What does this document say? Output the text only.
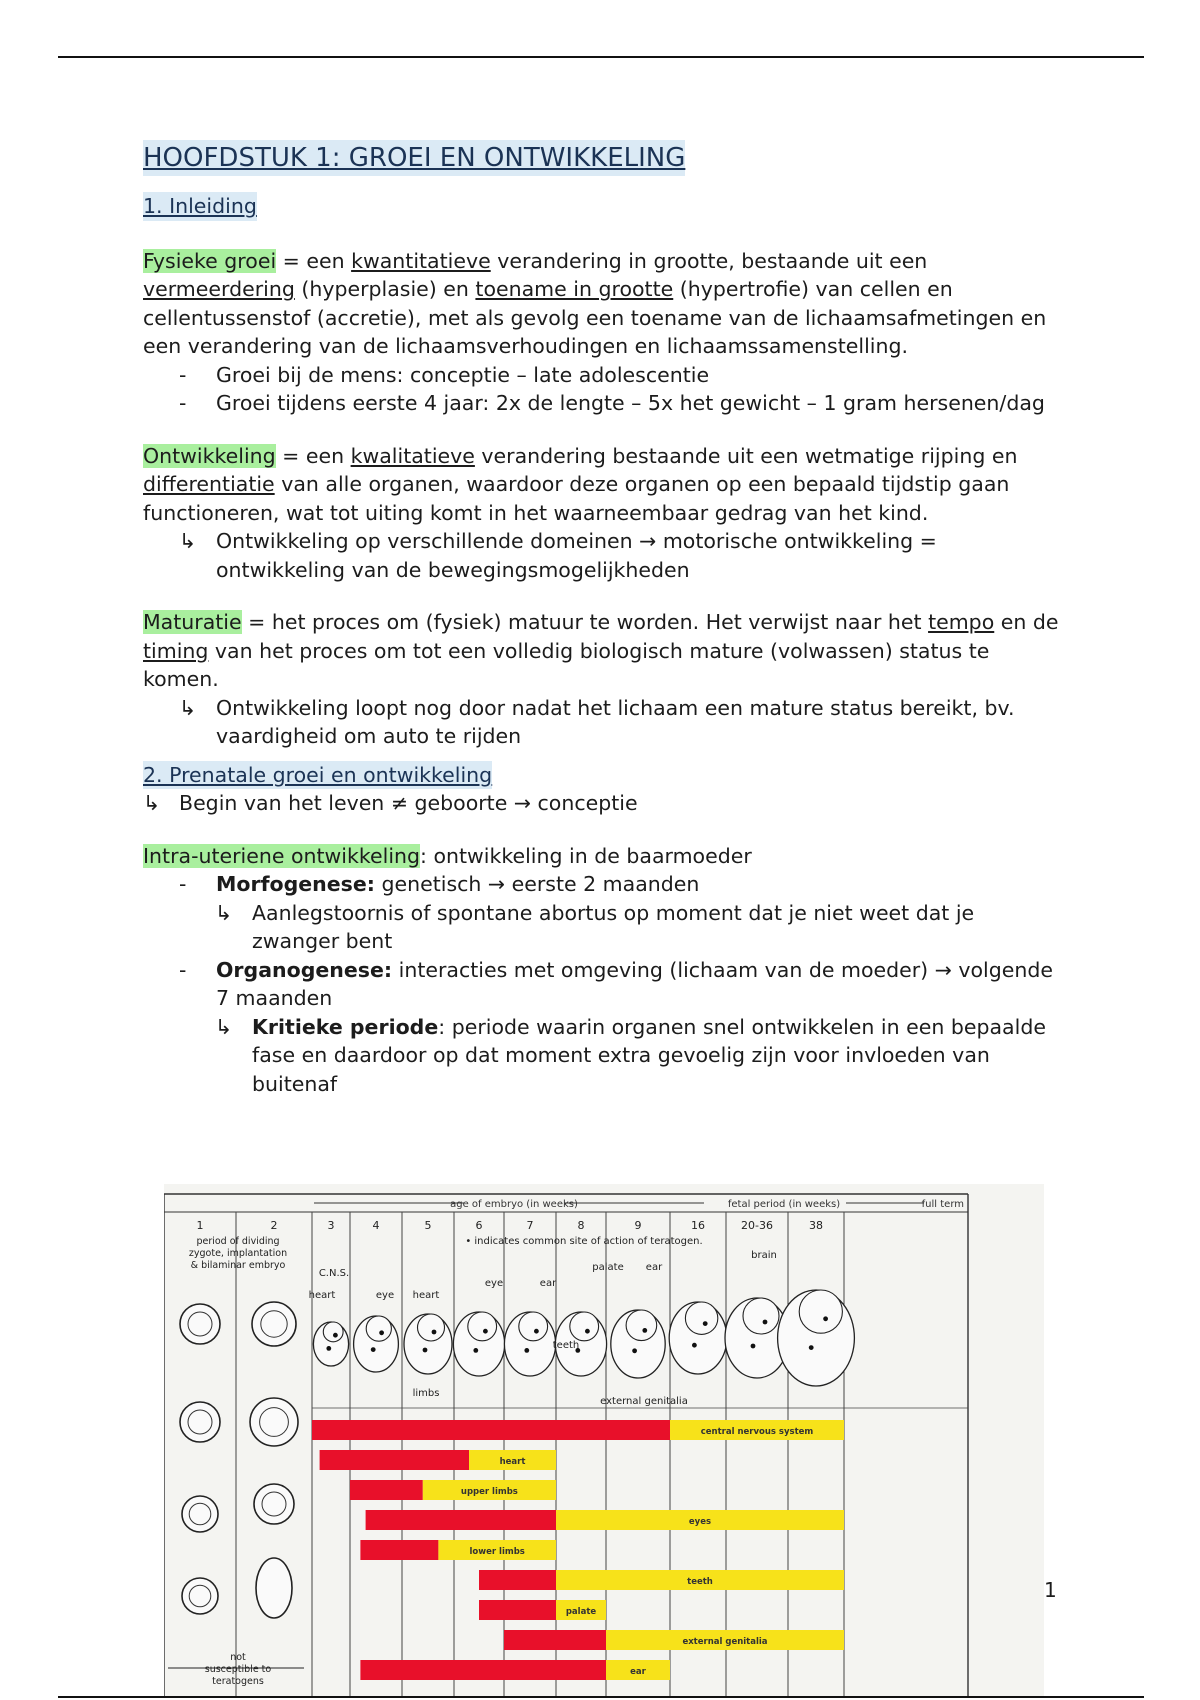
HOOFDSTUK 1: GROEI EN ONTWIKKELING
1. Inleiding

Fysieke groei = een kwantitatieve verandering in grootte, bestaande uit een vermeerdering (hyperplasie) en toename in grootte (hypertrofie) van cellen en cellentussenstof (accretie), met als gevolg een toename van de lichaamsafmetingen en een verandering van de lichaamsverhoudingen en lichaamssamenstelling.

- Groei bij de mens: conceptie – late adolescentie
- Groei tijdens eerste 4 jaar: 2x de lengte – 5x het gewicht – 1 gram hersenen/dag

Ontwikkeling = een kwalitatieve verandering bestaande uit een wetmatige rijping en differentiatie van alle organen, waardoor deze organen op een bepaald tijdstip gaan functioneren, wat tot uiting komt in het waarneembaar gedrag van het kind.

↳ Ontwikkeling op verschillende domeinen → motorische ontwikkeling = ontwikkeling van de bewegingsmogelijkheden

Maturatie = het proces om (fysiek) matuur te worden. Het verwijst naar het tempo en de timing van het proces om tot een volledig biologisch mature (volwassen) status te komen.

↳ Ontwikkeling loopt nog door nadat het lichaam een mature status bereikt, bv. vaardigheid om auto te rijden
2. Prenatale groei en ontwikkeling
↳ Begin van het leven ≠ geboorte → conceptie

Intra-uteriene ontwikkeling: ontwikkeling in de baarmoeder

- Morfogenese: genetisch → eerste 2 maanden
↳ Aanlegstoornis of spontane abortus op moment dat je niet weet dat je zwanger bent
- Organogenese: interacties met omgeving (lichaam van de moeder) → volgende 7 maanden
↳ Kritieke periode: periode waarin organen snel ontwikkelen in een bepaalde fase en daardoor op dat moment extra gevoelig zijn voor invloeden van buitenaf
central nervous system
heart
upper limbs
eyes
lower limbs
teeth
palate
external genitalia
ear
age of embryo (in weeks)	fetal period (in weeks)	full term
1	2	3	4	5	6	7	8	9	16	20-36	38
period of dividing
zygote, implantation
& bilaminar embryo
• indicates common site of action of teratogen.
C.N.S.
heart	eye heart
eye	ear
limbs
teeth
palate ear
brain
external genitalia
not
susceptible to
teratogens
1
